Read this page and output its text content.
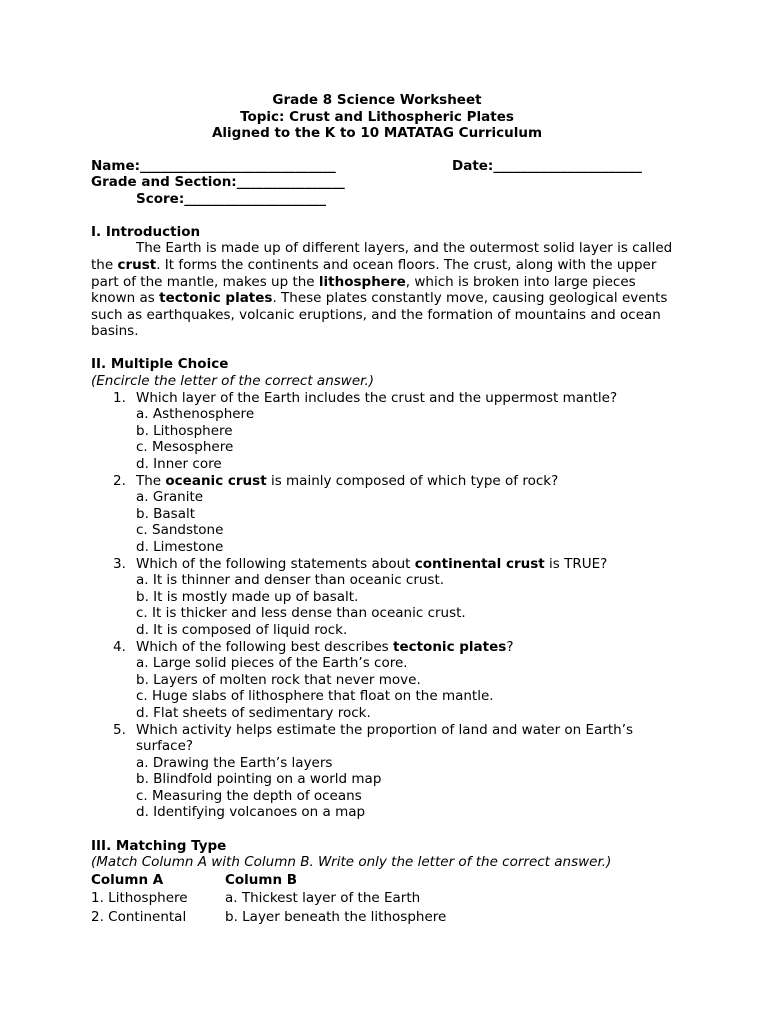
Grade 8 Science Worksheet
Topic: Crust and Lithospheric Plates
Aligned to the K to 10 MATATAG Curriculum
Name:_____________________________	Date:______________________
Grade and Section:________________
Score:_____________________
I. Introduction

The Earth is made up of different layers, and the outermost solid layer is called the crust. It forms the continents and ocean floors. The crust, along with the upper part of the mantle, makes up the lithosphere, which is broken into large pieces known as tectonic plates. These plates constantly move, causing geological events such as earthquakes, volcanic eruptions, and the formation of mountains and ocean basins.

II. Multiple Choice
(Encircle the letter of the correct answer.)
1. Which layer of the Earth includes the crust and the uppermost mantle?
a. Asthenosphere
b. Lithosphere
c. Mesosphere
d. Inner core
2. The oceanic crust is mainly composed of which type of rock?
a. Granite
b. Basalt
c. Sandstone
d. Limestone
3. Which of the following statements about continental crust is TRUE?
a. It is thinner and denser than oceanic crust.
b. It is mostly made up of basalt.
c. It is thicker and less dense than oceanic crust.
d. It is composed of liquid rock.
4. Which of the following best describes tectonic plates?
a. Large solid pieces of the Earth’s core.
b. Layers of molten rock that never move.
c. Huge slabs of lithosphere that float on the mantle.
d. Flat sheets of sedimentary rock.
5. Which activity helps estimate the proportion of land and water on Earth’s surface?
a. Drawing the Earth’s layers
b. Blindfold pointing on a world map
c. Measuring the depth of oceans
d. Identifying volcanoes on a map
III. Matching Type
(Match Column A with Column B. Write only the letter of the correct answer.)
Column A	Column B
1. Lithosphere	a. Thickest layer of the Earth
2. Continental	b. Layer beneath the lithosphere
